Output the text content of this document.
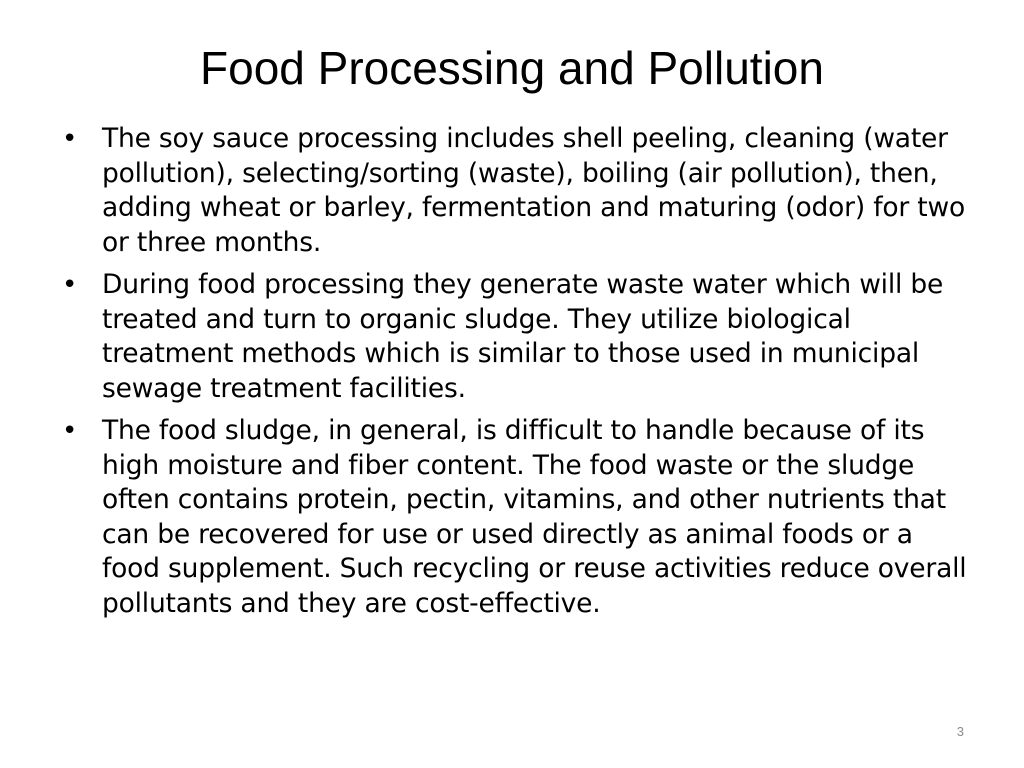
Food Processing and Pollution
• The soy sauce processing includes shell peeling, cleaning (water pollution), selecting/sorting (waste), boiling (air pollution), then, adding wheat or barley, fermentation and maturing (odor) for two or three months.
• During food processing they generate waste water which will be treated and turn to organic sludge. They utilize biological treatment methods which is similar to those used in municipal sewage treatment facilities.
• The food sludge, in general, is difficult to handle because of its high moisture and fiber content. The food waste or the sludge often contains protein, pectin, vitamins, and other nutrients that can be recovered for use or used directly as animal foods or a food supplement. Such recycling or reuse activities reduce overall pollutants and they are cost-effective.
3
